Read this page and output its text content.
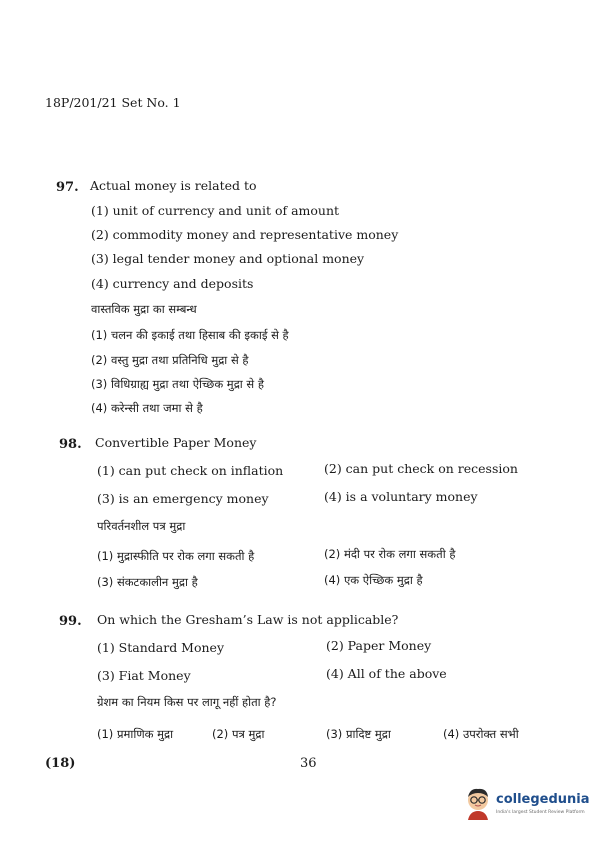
18P/201/21 Set No. 1
97. Actual money is related to
(1) unit of currency and unit of amount
(2) commodity money and representative money
(3) legal tender money and optional money
(4) currency and deposits
वास्तविक मुद्रा का सम्बन्ध
(1) चलन की इकाई तथा हिसाब की इकाई से है
(2) वस्तु मुद्रा तथा प्रतिनिधि मुद्रा से है
(3) विधिग्राह्य मुद्रा तथा ऐच्छिक मुद्रा से है
(4) करेन्सी तथा जमा से है
98. Convertible Paper Money
(1) can put check on inflation	(2) can put check on recession
(3) is an emergency money	(4) is a voluntary money
परिवर्तनशील पत्र मुद्रा
(1) मुद्रास्फीति पर रोक लगा सकती है	(2) मंदी पर रोक लगा सकती है
(3) संकटकालीन मुद्रा है	(4) एक ऐच्छिक मुद्रा है
99. On which the Gresham’s Law is not applicable?
(1) Standard Money	(2) Paper Money
(3) Fiat Money	(4) All of the above
ग्रेशम का नियम किस पर लागू नहीं होता है?
(1) प्रमाणिक मुद्रा	(2) पत्र मुद्रा	(3) प्रादिष्ट मुद्रा	(4) उपरोक्त सभी
(18)	36
collegedunia
India's largest Student Review Platform
